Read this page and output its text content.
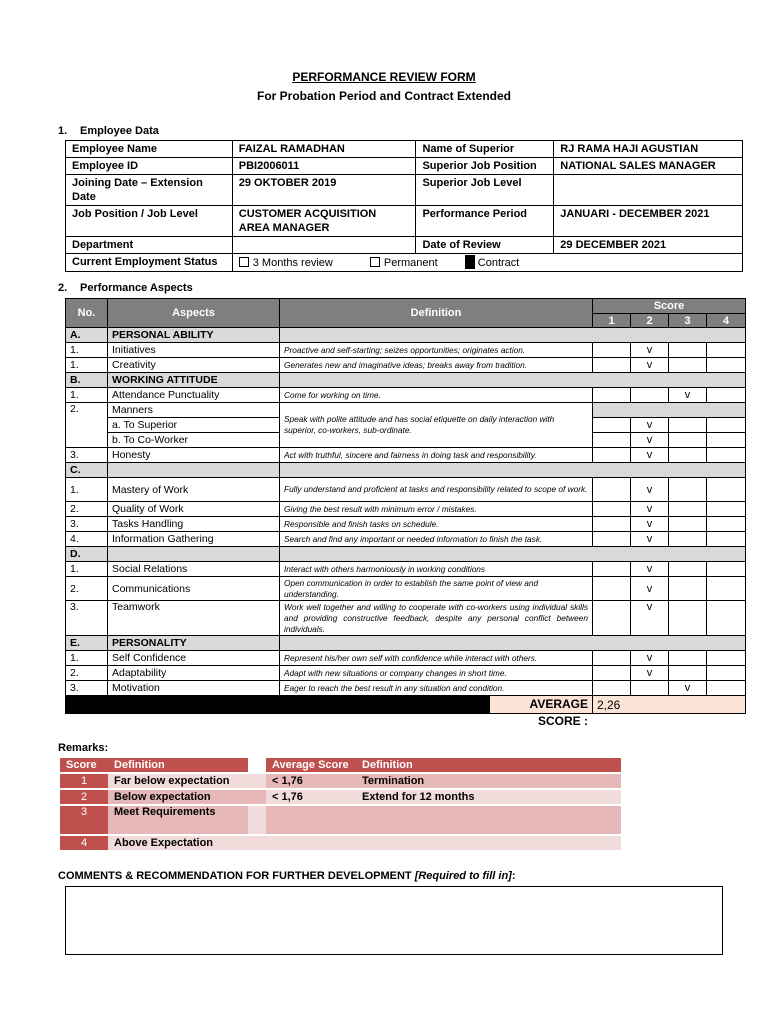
PERFORMANCE REVIEW FORM
For Probation Period and Contract Extended
1. Employee Data
Employee Name	FAIZAL RAMADHAN	Name of Superior	RJ RAMA HAJI AGUSTIAN
Employee ID	PBI2006011	Superior Job Position	NATIONAL SALES MANAGER
Joining Date – Extension Date	29 OKTOBER 2019	Superior Job Level	
Job Position / Job Level	CUSTOMER ACQUISITION AREA MANAGER	Performance Period	JANUARI - DECEMBER 2021
Department		Date of Review	29 DECEMBER 2021
Current Employment Status	3 Months review Permanent Contract		
2. Performance Aspects
No.	Aspects	Definition	Score			
			1	2	3	4
A.	PERSONAL ABILITY					
1.	Initiatives	Proactive and self-starting; seizes opportunities; originates action.		v		
1.	Creativity	Generates new and imaginative ideas; breaks away from tradition.		v		
B.	WORKING ATTITUDE					
1.	Attendance Punctuality	Come for working on time.			v	
2.	Manners	Speak with polite attitude and has social etiquette on daily interaction with superior, co-workers, sub-ordinate.				
	a. To Superior			v		
	b. To Co-Worker			v		
3.	Honesty	Act with truthful, sincere and fairness in doing task and responsibility.		v		
C.						
1.	Mastery of Work	Fully understand and proficient at tasks and responsibility related to scope of work.		v		
2.	Quality of Work	Giving the best result with minimum error / mistakes.		v		
3.	Tasks Handling	Responsible and finish tasks on schedule.		v		
4.	Information Gathering	Search and find any important or needed information to finish the task.		v		
D.						
1.	Social Relations	Interact with others harmoniously in working conditions		v		
2.	Communications	Open communication in order to establish the same point of view and understanding.		v		
3.	Teamwork	Work well together and willing to cooperate with co-workers using individual skills and providing constructive feedback, despite any personal conflict between individuals.		v		
E.	PERSONALITY					
1.	Self Confidence	Represent his/her own self with confidence while interact with others.		v		
2.	Adaptability	Adapt with new situations or company changes in short time.		v		
3.	Motivation	Eager to reach the best result in any situation and condition.			v	

		AVERAGE SCORE :	2,26			
Remarks:
Score	Definition		Average Score	Definition
1	Far below expectation		< 1,76	Termination
2	Below expectation		< 1,76	Extend for 12 months
3	Meet Requirements			
4	Above Expectation			
COMMENTS & RECOMMENDATION FOR FURTHER DEVELOPMENT [Required to fill in]:
